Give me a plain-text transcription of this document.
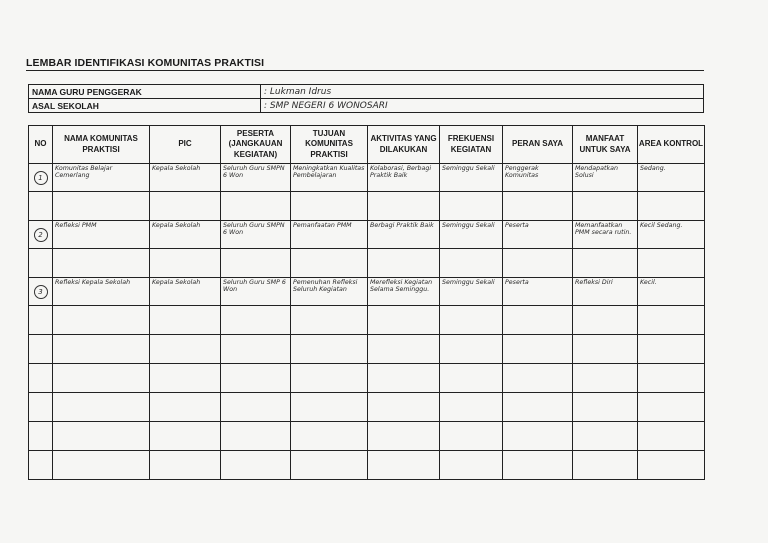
LEMBAR IDENTIFIKASI KOMUNITAS PRAKTISI
NAMA GURU PENGGERAK	: Lukman Idrus
ASAL SEKOLAH	: SMP NEGERI 6 WONOSARI
NO	NAMA KOMUNITAS PRAKTISI	PIC	PESERTA (JANGKAUAN KEGIATAN)	TUJUAN KOMUNITAS PRAKTISI	AKTIVITAS YANG DILAKUKAN	FREKUENSI KEGIATAN	PERAN SAYA	MANFAAT UNTUK SAYA	AREA KONTROL
1	Komunitas Belajar Cemerlang	Kepala Sekolah	Seluruh Guru SMPN 6 Won	Meningkatkan Kualitas Pembelajaran	Kolaborasi, Berbagi Praktik Baik	Seminggu Sekali	Penggerak Komunitas	Mendapatkan Solusi	Sedang.

2	Refleksi PMM	Kepala Sekolah	Seluruh Guru SMPN 6 Won	Pemanfaatan PMM	Berbagi Praktik Baik	Seminggu Sekali	Peserta	Memanfaatkan PMM secara rutin.	Kecil Sedang.

3	Refleksi Kepala Sekolah	Kepala Sekolah	Seluruh Guru SMP 6 Won	Pemenuhan Refleksi Seluruh Kegiatan	Merefleksi Kegiatan Selama Seminggu.	Seminggu Sekali	Peserta	Refleksi Diri	Kecil.
